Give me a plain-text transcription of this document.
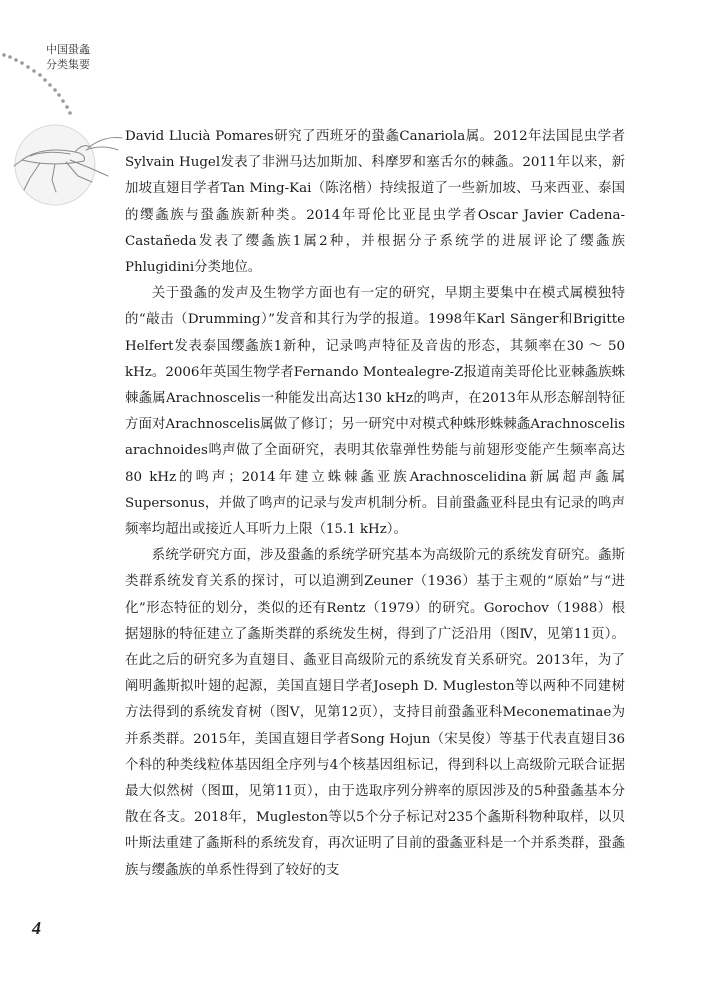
中国蛩螽
分类集要

David Llucià Pomares研究了西班牙的蛩螽Canariola属。2012年法国昆虫学者Sylvain Hugel发表了非洲马达加斯加、科摩罗和塞舌尔的棘螽。2011年以来，新加坡直翅目学者Tan Ming-Kai（陈洺楷）持续报道了一些新加坡、马来西亚、泰国的缨螽族与蛩螽族新种类。2014年哥伦比亚昆虫学者Oscar Javier Cadena-Castañeda发表了缨螽族1属2种，并根据分子系统学的进展评论了缨螽族Phlugidini分类地位。

关于蛩螽的发声及生物学方面也有一定的研究，早期主要集中在模式属模独特的“敲击（Drumming）”发音和其行为学的报道。1998年Karl Sänger和Brigitte Helfert发表泰国缨螽族1新种，记录鸣声特征及音齿的形态，其频率在30 ～ 50 kHz。2006年英国生物学者Fernando Montealegre-Z报道南美哥伦比亚棘螽族蛛棘螽属Arachnoscelis一种能发出高达130 kHz的鸣声，在2013年从形态解剖特征方面对Arachnoscelis属做了修订；另一研究中对模式种蛛形蛛棘螽Arachnoscelis arachnoides鸣声做了全面研究，表明其依靠弹性势能与前翅形变能产生频率高达80 kHz的鸣声；2014年建立蛛棘螽亚族Arachnoscelidina新属超声螽属Supersonus，并做了鸣声的记录与发声机制分析。目前蛩螽亚科昆虫有记录的鸣声频率均超出或接近人耳听力上限（15.1 kHz）。

系统学研究方面，涉及蛩螽的系统学研究基本为高级阶元的系统发育研究。螽斯类群系统发育关系的探讨，可以追溯到Zeuner（1936）基于主观的“原始”与“进化”形态特征的划分，类似的还有Rentz（1979）的研究。Gorochov（1988）根据翅脉的特征建立了螽斯类群的系统发生树，得到了广泛沿用（图Ⅳ，见第11页）。在此之后的研究多为直翅目、螽亚目高级阶元的系统发育关系研究。2013年，为了阐明螽斯拟叶翅的起源，美国直翅目学者Joseph D. Mugleston等以两种不同建树方法得到的系统发育树（图Ⅴ，见第12页），支持目前蛩螽亚科Meconematinae为并系类群。2015年，美国直翅目学者Song Hojun（宋昊俊）等基于代表直翅目36个科的种类线粒体基因组全序列与4个核基因组标记，得到科以上高级阶元联合证据最大似然树（图Ⅲ，见第11页），由于选取序列分辨率的原因涉及的5种蛩螽基本分散在各支。2018年，Mugleston等以5个分子标记对235个螽斯科物种取样，以贝叶斯法重建了螽斯科的系统发育，再次证明了目前的蛩螽亚科是一个并系类群，蛩螽族与缨螽族的单系性得到了较好的支

4
